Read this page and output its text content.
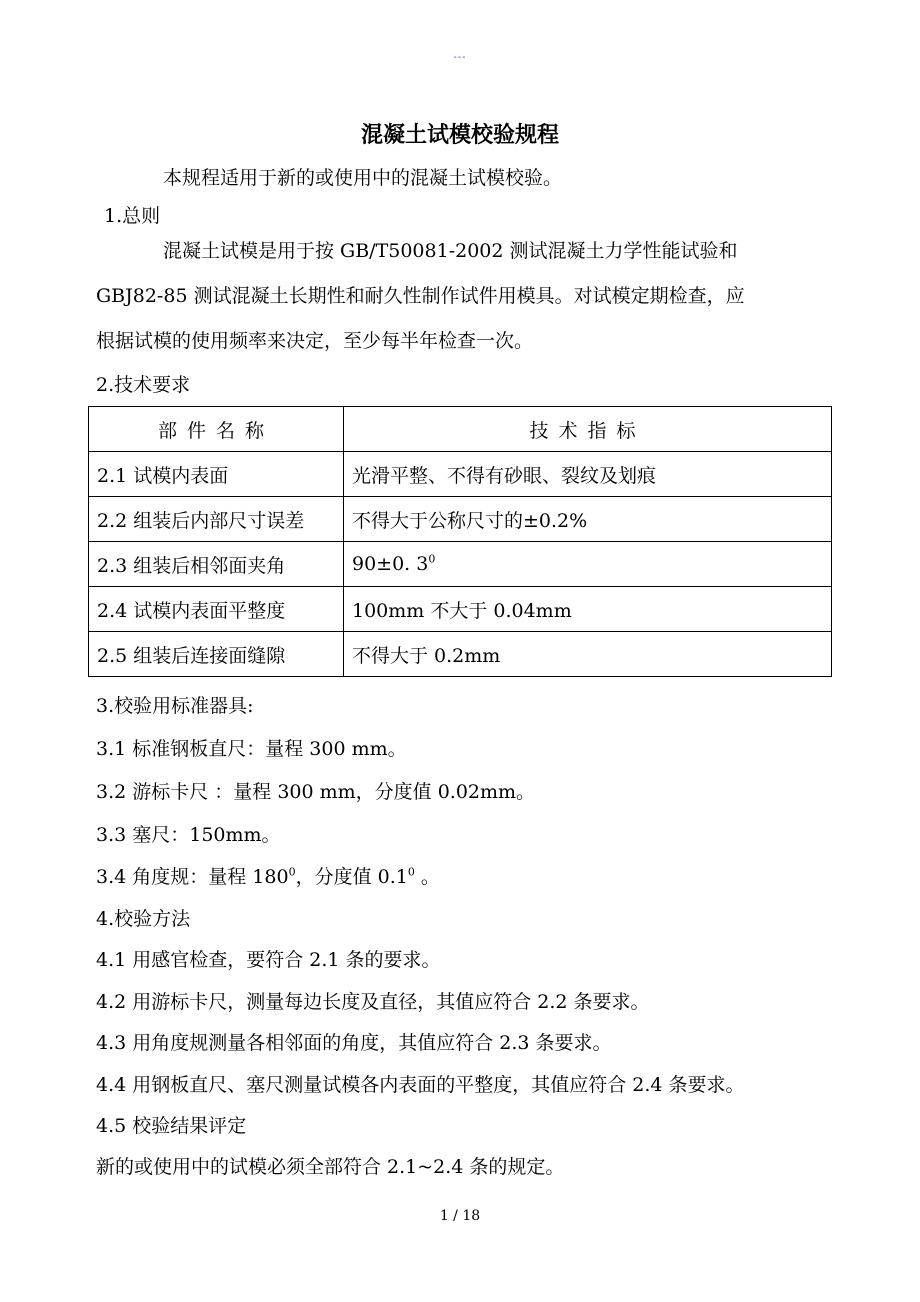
---
混凝土试模校验规程
本规程适用于新的或使用中的混凝土试模校验。
1.总则
混凝土试模是用于按 GB/T50081-2002 测试混凝土力学性能试验和
GBJ82-85 测试混凝土长期性和耐久性制作试件用模具。对试模定期检查，应
根据试模的使用频率来决定，至少每半年检查一次。
2.技术要求
部件名称	技术指标
2.1 试模内表面	光滑平整、不得有砂眼、裂纹及划痕
2.2 组装后内部尺寸误差	不得大于公称尺寸的±0.2%
2.3 组装后相邻面夹角	90±0. $3^0$
2.4 试模内表面平整度	100mm 不大于 0.04mm
2.5 组装后连接面缝隙	不得大于 0.2mm
3.校验用标准器具:
3.1 标准钢板直尺：量程 300 mm。
3.2 游标卡尺 ：量程 300 mm，分度值 0.02mm。
3.3 塞尺：150mm。
3.4 角度规：量程 $180^0$，分度值 $0.1^0$ 。
4.校验方法
4.1 用感官检查，要符合 2.1 条的要求。
4.2 用游标卡尺，测量每边长度及直径，其值应符合 2.2 条要求。
4.3 用角度规测量各相邻面的角度，其值应符合 2.3 条要求。
4.4 用钢板直尺、塞尺测量试模各内表面的平整度，其值应符合 2.4 条要求。
4.5 校验结果评定
新的或使用中的试模必须全部符合 2.1~2.4 条的规定。
1 / 18
